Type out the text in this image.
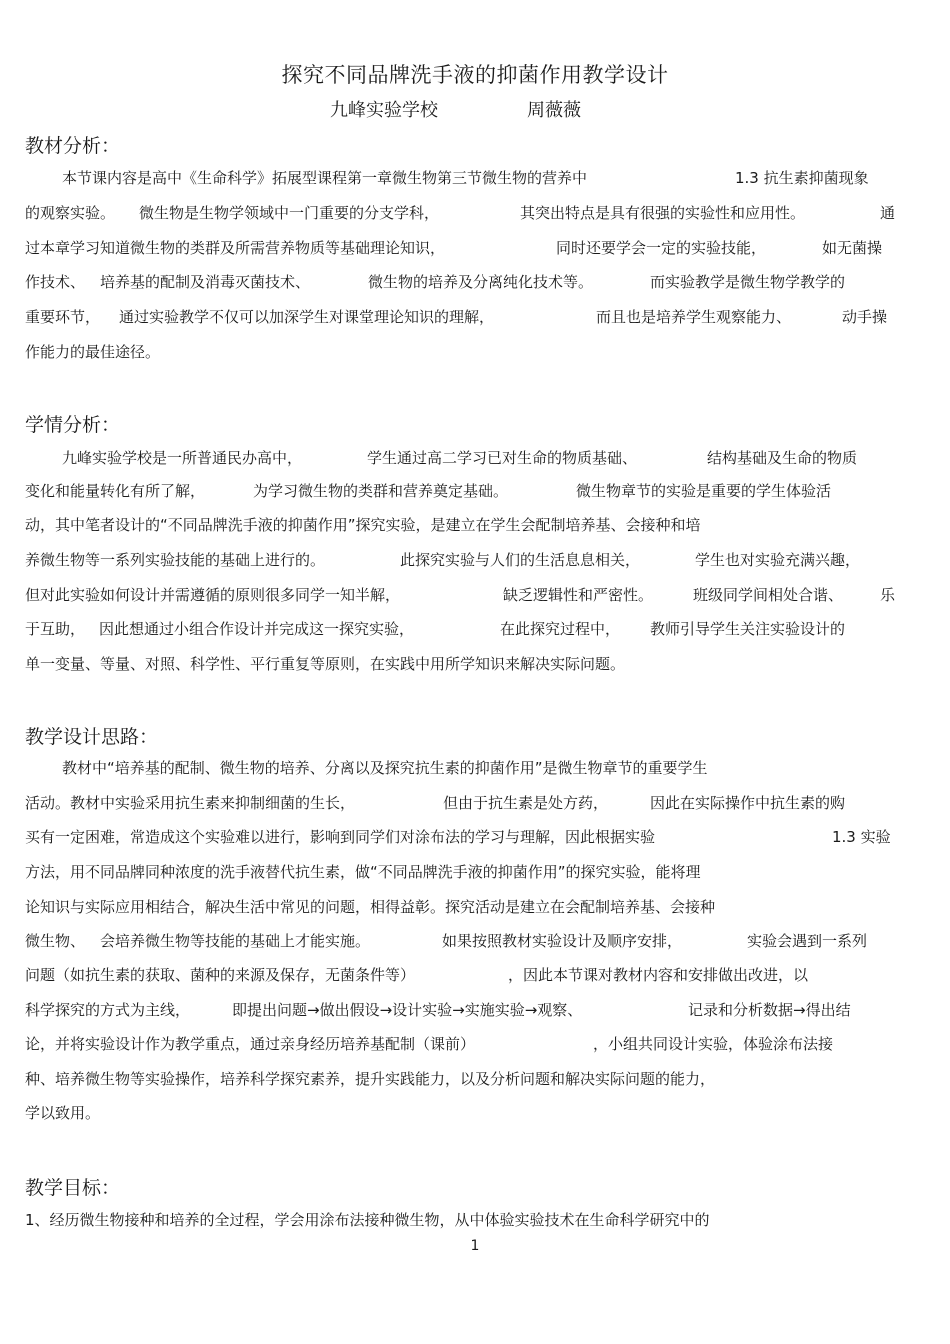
探究不同品牌洗手液的抑菌作用教学设计
九峰实验学校	周薇薇
教材分析：
本节课内容是高中《生命科学》拓展型课程第一章微生物第三节微生物的营养中	1.3 抗生素抑菌现象
的观察实验。 微生物是生物学领域中一门重要的分支学科，	其突出特点是具有很强的实验性和应用性。	通
过本章学习知道微生物的类群及所需营养物质等基础理论知识，	同时还要学会一定的实验技能，	如无菌操
作技术、 培养基的配制及消毒灭菌技术、	微生物的培养及分离纯化技术等。	而实验教学是微生物学教学的
重要环节， 通过实验教学不仅可以加深学生对课堂理论知识的理解，	而且也是培养学生观察能力、	动手操
作能力的最佳途径。
学情分析：
九峰实验学校是一所普通民办高中，	学生通过高二学习已对生命的物质基础、	结构基础及生命的物质
变化和能量转化有所了解，	为学习微生物的类群和营养奠定基础。	微生物章节的实验是重要的学生体验活
动，其中笔者设计的“不同品牌洗手液的抑菌作用”探究实验，是建立在学生会配制培养基、会接种和培
养微生物等一系列实验技能的基础上进行的。	此探究实验与人们的生活息息相关，	学生也对实验充满兴趣，
但对此实验如何设计并需遵循的原则很多同学一知半解，	缺乏逻辑性和严密性。	班级同学间相处合谐、 乐
于互助， 因此想通过小组合作设计并完成这一探究实验，	在此探究过程中， 教师引导学生关注实验设计的
单一变量、等量、对照、科学性、平行重复等原则，在实践中用所学知识来解决实际问题。
教学设计思路：
教材中“培养基的配制、微生物的培养、分离以及探究抗生素的抑菌作用”是微生物章节的重要学生
活动。教材中实验采用抗生素来抑制细菌的生长，	但由于抗生素是处方药，	因此在实际操作中抗生素的购
买有一定困难，常造成这个实验难以进行，影响到同学们对涂布法的学习与理解，因此根据实验	1.3 实验
方法，用不同品牌同种浓度的洗手液替代抗生素，做“不同品牌洗手液的抑菌作用”的探究实验，能将理
论知识与实际应用相结合，解决生活中常见的问题，相得益彰。探究活动是建立在会配制培养基、会接种
微生物、 会培养微生物等技能的基础上才能实施。	如果按照教材实验设计及顺序安排，	实验会遇到一系列
问题（如抗生素的获取、菌种的来源及保存，无菌条件等）	，因此本节课对教材内容和安排做出改进，以
科学探究的方式为主线，	即提出问题→做出假设→设计实验→实施实验→观察、	记录和分析数据→得出结
论，并将实验设计作为教学重点，通过亲身经历培养基配制（课前）	，小组共同设计实验，体验涂布法接
种、培养微生物等实验操作，培养科学探究素养，提升实践能力，以及分析问题和解决实际问题的能力，
学以致用。
教学目标：
1、经历微生物接种和培养的全过程，学会用涂布法接种微生物，从中体验实验技术在生命科学研究中的
1
